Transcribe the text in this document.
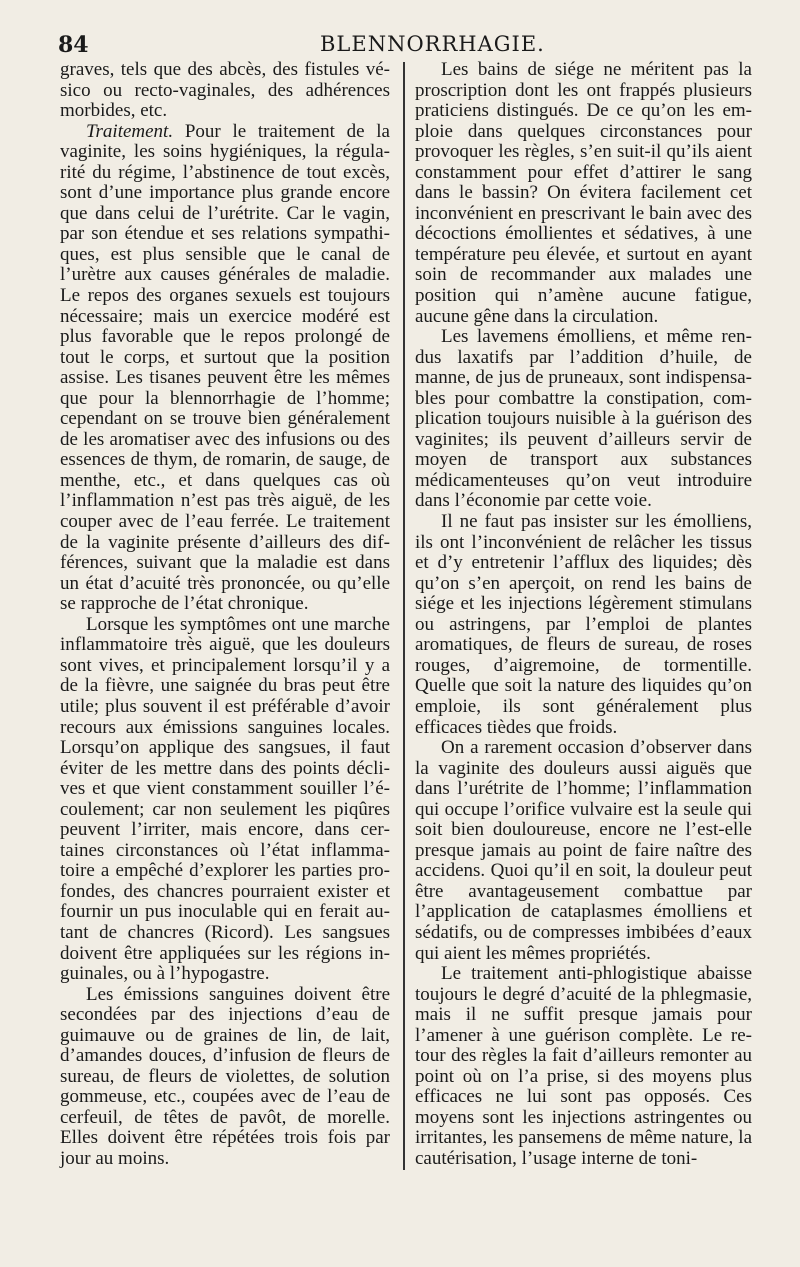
84	BLENNORRHAGIE.

graves, tels que des abcès, des fistules vésico ou recto-vaginales, des adhérences morbides, etc.

Traitement. Pour le traitement de la vaginite, les soins hygiéniques, la régularité du régime, l’abstinence de tout excès, sont d’une importance plus grande encore que dans celui de l’urétrite. Car le vagin, par son étendue et ses relations sympathiques, est plus sensible que le canal de l’urètre aux causes générales de maladie. Le repos des organes sexuels est toujours nécessaire; mais un exercice modéré est plus favorable que le repos prolongé de tout le corps, et surtout que la position assise. Les tisanes peuvent être les mêmes que pour la blennorrhagie de l’homme; cependant on se trouve bien généralement de les aromatiser avec des infusions ou des essences de thym, de romarin, de sauge, de menthe, etc., et dans quelques cas où l’inflammation n’est pas très aiguë, de les couper avec de l’eau ferrée. Le traitement de la vaginite présente d’ailleurs des différences, suivant que la maladie est dans un état d’acuité très prononcée, ou qu’elle se rapproche de l’état chronique.

Lorsque les symptômes ont une marche inflammatoire très aiguë, que les douleurs sont vives, et principalement lorsqu’il y a de la fièvre, une saignée du bras peut être utile; plus souvent il est préférable d’avoir recours aux émissions sanguines locales. Lorsqu’on applique des sangsues, il faut éviter de les mettre dans des points déclives et que vient constamment souiller l’écoulement; car non seulement les piqûres peuvent l’irriter, mais encore, dans certaines circonstances où l’état inflammatoire a empêché d’explorer les parties profondes, des chancres pourraient exister et fournir un pus inoculable qui en ferait autant de chancres (Ricord). Les sangsues doivent être appliquées sur les régions inguinales, ou à l’hypogastre.

Les émissions sanguines doivent être secondées par des injections d’eau de guimauve ou de graines de lin, de lait, d’amandes douces, d’infusion de fleurs de sureau, de fleurs de violettes, de solution gommeuse, etc., coupées avec de l’eau de cerfeuil, de têtes de pavôt, de morelle. Elles doivent être répétées trois fois par jour au moins.

Les bains de siége ne méritent pas la proscription dont les ont frappés plusieurs praticiens distingués. De ce qu’on les emploie dans quelques circonstances pour provoquer les règles, s’en suit-il qu’ils aient constamment pour effet d’attirer le sang dans le bassin? On évitera facilement cet inconvénient en prescrivant le bain avec des décoctions émollientes et sédatives, à une température peu élevée, et surtout en ayant soin de recommander aux malades une position qui n’amène aucune fatigue, aucune gêne dans la circulation.

Les lavemens émolliens, et même rendus laxatifs par l’addition d’huile, de manne, de jus de pruneaux, sont indispensables pour combattre la constipation, complication toujours nuisible à la guérison des vaginites; ils peuvent d’ailleurs servir de moyen de transport aux substances médicamenteuses qu’on veut introduire dans l’économie par cette voie.

Il ne faut pas insister sur les émolliens, ils ont l’inconvénient de relâcher les tissus et d’y entretenir l’afflux des liquides; dès qu’on s’en aperçoit, on rend les bains de siége et les injections légèrement stimulans ou astringens, par l’emploi de plantes aromatiques, de fleurs de sureau, de roses rouges, d’aigremoine, de tormentille. Quelle que soit la nature des liquides qu’on emploie, ils sont généralement plus efficaces tièdes que froids.

On a rarement occasion d’observer dans la vaginite des douleurs aussi aiguës que dans l’urétrite de l’homme; l’inflammation qui occupe l’orifice vulvaire est la seule qui soit bien douloureuse, encore ne l’est-elle presque jamais au point de faire naître des accidens. Quoi qu’il en soit, la douleur peut être avantageusement combattue par l’application de cataplasmes émolliens et sédatifs, ou de compresses imbibées d’eaux qui aient les mêmes propriétés.

Le traitement anti-phlogistique abaisse toujours le degré d’acuité de la phlegmasie, mais il ne suffit presque jamais pour l’amener à une guérison complète. Le retour des règles la fait d’ailleurs remonter au point où on l’a prise, si des moyens plus efficaces ne lui sont pas opposés. Ces moyens sont les injections astringentes ou irritantes, les pansemens de même nature, la cautérisation, l’usage interne de toni-
